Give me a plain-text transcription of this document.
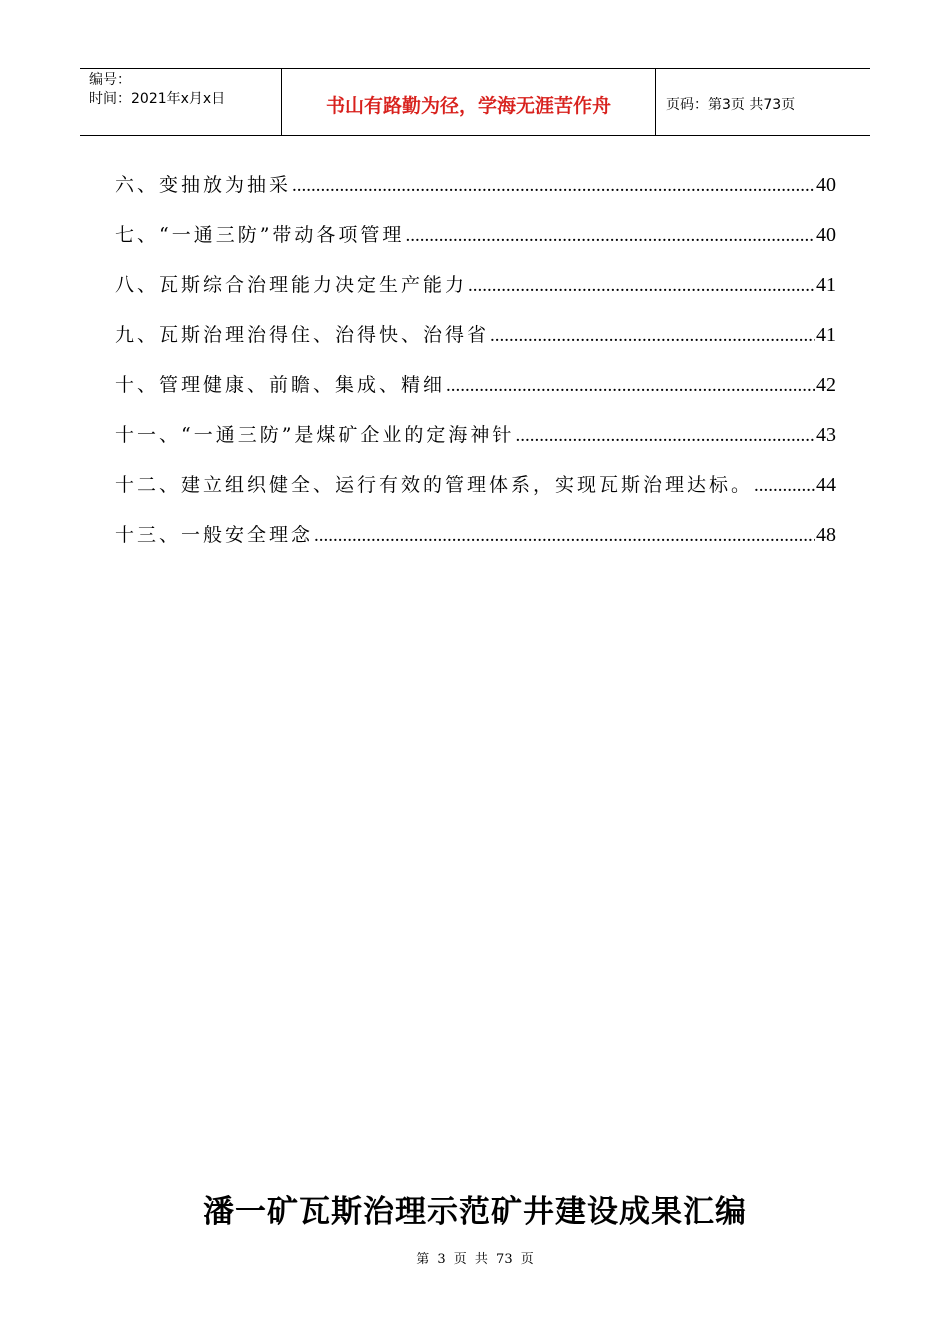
编号：
时间：2021年x月x日	书山有路勤为径，学海无涯苦作舟	页码：第3页 共73页
六、变抽放为抽采 .....	40
七、“一通三防”带动各项管理 .....	40
八、瓦斯综合治理能力决定生产能力 .....	41
九、瓦斯治理治得住、治得快、治得省 .....	41
十、管理健康、前瞻、集成、精细 .....	42
十一、“一通三防”是煤矿企业的定海神针 .....	43
十二、建立组织健全、运行有效的管理体系，实现瓦斯治理达标。 .....	44
十三、一般安全理念 .....	48
潘一矿瓦斯治理示范矿井建设成果汇编
第 3 页 共 73 页
